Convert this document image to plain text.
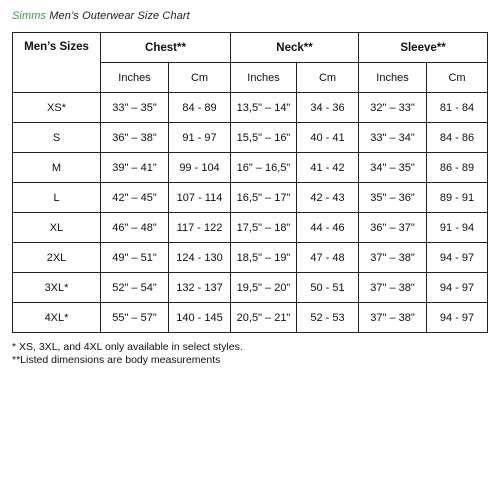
Simms Men’s Outerwear Size Chart
Men’s Sizes	Chest**		Neck**		Sleeve**	
	Inches	Cm	Inches	Cm	Inches	Cm
XS*	33" – 35"	84 - 89	13,5" – 14"	34 - 36	32" – 33"	81 - 84
S	36" – 38"	91 - 97	15,5" – 16"	40 - 41	33" – 34"	84 - 86
M	39" – 41"	99 - 104	16" – 16,5"	41 - 42	34" – 35"	86 - 89
L	42" – 45"	107 - 114	16,5" – 17"	42 - 43	35" – 36"	89 - 91
XL	46" – 48"	117 - 122	17,5" – 18"	44 - 46	36" – 37"	91 - 94
2XL	49" – 51"	124 - 130	18,5" – 19"	47 - 48	37" – 38"	94 - 97
3XL*	52" – 54"	132 - 137	19,5" – 20"	50 - 51	37" – 38"	94 - 97
4XL*	55" – 57"	140 - 145	20,5" – 21"	52 - 53	37" – 38"	94 - 97
* XS, 3XL, and 4XL only available in select styles.
**Listed dimensions are body measurements
